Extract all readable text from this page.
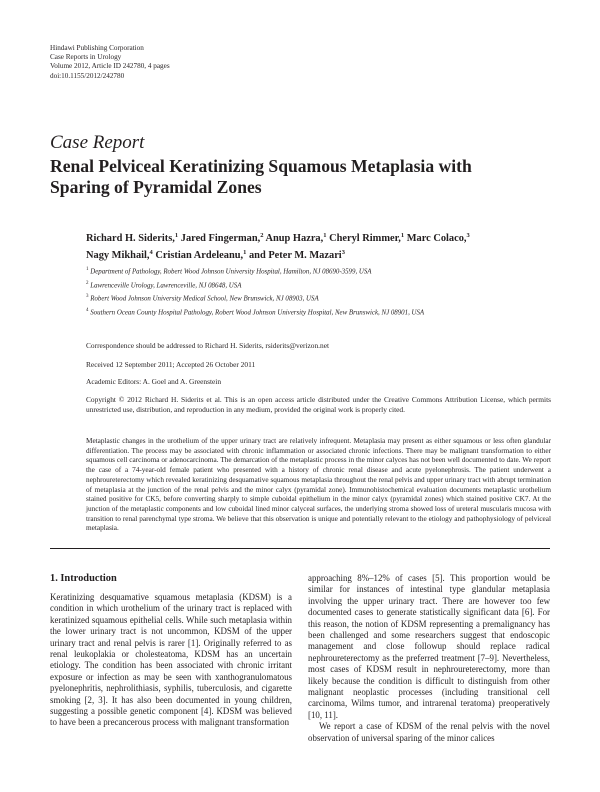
Hindawi Publishing Corporation
Case Reports in Urology
Volume 2012, Article ID 242780, 4 pages
doi:10.1155/2012/242780
Case Report
Renal Pelviceal Keratinizing Squamous Metaplasia with Sparing of Pyramidal Zones
Richard H. Siderits,$^1$ Jared Fingerman,$^2$ Anup Hazra,$^1$ Cheryl Rimmer,$^1$ Marc Colaco,$^3$
Nagy Mikhail,$^4$ Cristian Ardeleanu,$^1$ and Peter M. Mazari$^3$
$^1$ Department of Pathology, Robert Wood Johnson University Hospital, Hamilton, NJ 08690-3599, USA
$^2$ Lawrenceville Urology, Lawrenceville, NJ 08648, USA
$^3$ Robert Wood Johnson University Medical School, New Brunswick, NJ 08903, USA
$^4$ Southern Ocean County Hospital Pathology, Robert Wood Johnson University Hospital, New Brunswick, NJ 08901, USA
Correspondence should be addressed to Richard H. Siderits, rsiderits@verizon.net
Received 12 September 2011; Accepted 26 October 2011
Academic Editors: A. Goel and A. Greenstein
Copyright © 2012 Richard H. Siderits et al. This is an open access article distributed under the Creative Commons Attribution License, which permits unrestricted use, distribution, and reproduction in any medium, provided the original work is properly cited.
Metaplastic changes in the urothelium of the upper urinary tract are relatively infrequent. Metaplasia may present as either squamous or less often glandular differentiation. The process may be associated with chronic inflammation or associated chronic infections. There may be malignant transformation to either squamous cell carcinoma or adenocarcinoma. The demarcation of the metaplastic process in the minor calyces has not been well documented to date. We report the case of a 74-year-old female patient who presented with a history of chronic renal disease and acute pyelonephrosis. The patient underwent a nephroureterectomy which revealed keratinizing desquamative squamous metaplasia throughout the renal pelvis and upper urinary tract with abrupt termination of metaplasia at the junction of the renal pelvis and the minor calyx (pyramidal zone). Immunohistochemical evaluation documents metaplastic urothelium stained positive for CK5, before converting sharply to simple cuboidal epithelium in the minor calyx (pyramidal zones) which stained positive CK7. At the junction of the metaplastic components and low cuboidal lined minor calyceal surfaces, the underlying stroma showed loss of ureteral muscularis mucosa with transition to renal parenchymal type stroma. We believe that this observation is unique and potentially relevant to the etiology and pathophysiology of pelviceal metaplasia.
1. Introduction

Keratinizing desquamative squamous metaplasia (KDSM) is a condition in which urothelium of the urinary tract is replaced with keratinized squamous epithelial cells. While such metaplasia within the lower urinary tract is not uncommon, KDSM of the upper urinary tract and renal pelvis is rarer [1]. Originally referred to as renal leukoplakia or cholesteatoma, KDSM has an uncertain etiology. The condition has been associated with chronic irritant exposure or infection as may be seen with xanthogranulomatous pyelonephritis, nephrolithiasis, syphilis, tuberculosis, and cigarette smoking [2, 3]. It has also been documented in young children, suggesting a possible genetic component [4]. KDSM was believed to have been a precancerous process with malignant transformation

approaching 8%–12% of cases [5]. This proportion would be similar for instances of intestinal type glandular metaplasia involving the upper urinary tract. There are however too few documented cases to generate statistically significant data [6]. For this reason, the notion of KDSM representing a premalignancy has been challenged and some researchers suggest that endoscopic management and close followup should replace radical nephroureterectomy as the preferred treatment [7–9]. Nevertheless, most cases of KDSM result in nephroureterectomy, more than likely because the condition is difficult to distinguish from other malignant neoplastic processes (including transitional cell carcinoma, Wilms tumor, and intrarenal teratoma) preoperatively [10, 11].

We report a case of KDSM of the renal pelvis with the novel observation of universal sparing of the minor calices
